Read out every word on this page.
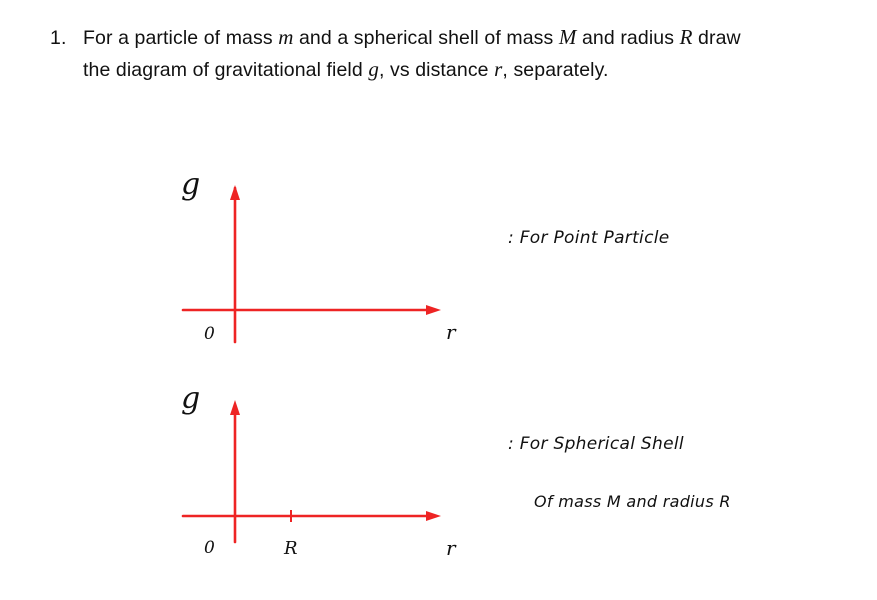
1. For a particle of mass m and a spherical shell of mass M and radius R draw
the diagram of gravitational field g, vs distance r, separately.
g
r
0
g
r
0	R
: For Point Particle
: For Spherical Shell
Of mass M and radius R
